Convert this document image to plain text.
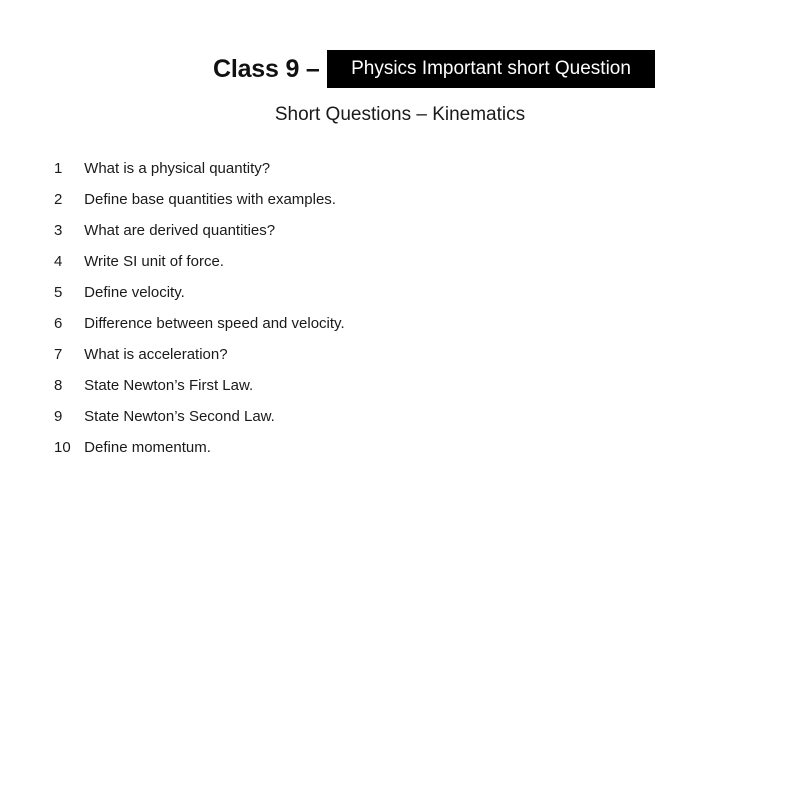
Class 9 –	Physics Important short Question
Short Questions – Kinematics
1 What is a physical quantity?
2 Define base quantities with examples.
3 What are derived quantities?
4 Write SI unit of force.
5 Define velocity.
6 Difference between speed and velocity.
7 What is acceleration?
8 State Newton’s First Law.
9 State Newton’s Second Law.
10 Define momentum.
